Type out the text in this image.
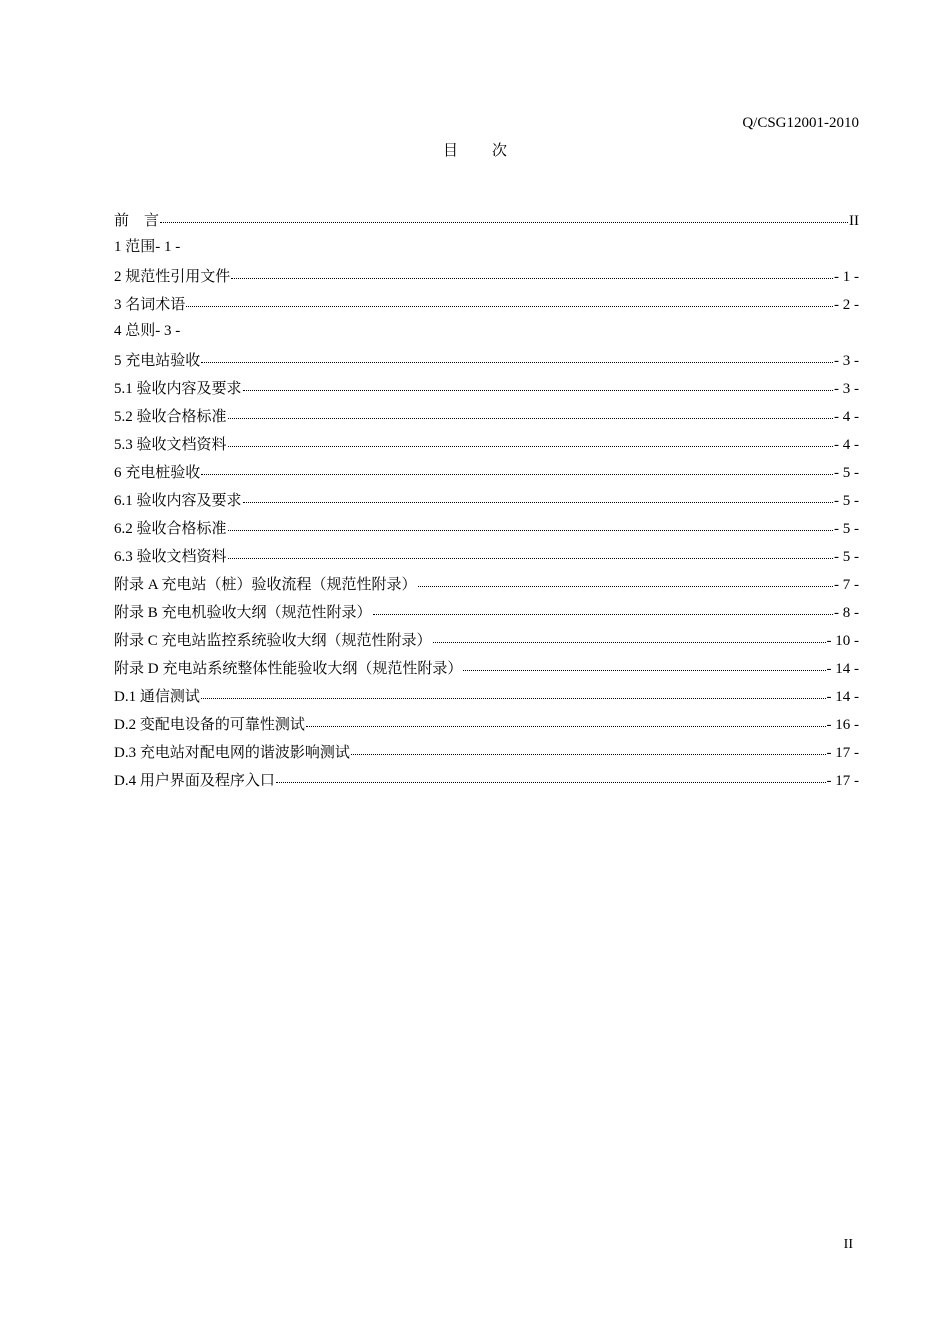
Q/CSG12001-2010
目次
前　言	II
1 范围 - 1 -
2 规范性引用文件	- 1 -
3 名词术语	- 2 -
4 总则 - 3 -
5 充电站验收	- 3 -
5.1 验收内容及要求	- 3 -
5.2 验收合格标准	- 4 -
5.3 验收文档资料	- 4 -
6 充电桩验收	- 5 -
6.1 验收内容及要求	- 5 -
6.2 验收合格标准	- 5 -
6.3 验收文档资料	- 5 -
附录 A 充电站（桩）验收流程（规范性附录）	- 7 -
附录 B 充电机验收大纲（规范性附录）	- 8 -
附录 C 充电站监控系统验收大纲（规范性附录）	- 10 -
附录 D 充电站系统整体性能验收大纲（规范性附录）	- 14 -
D.1 通信测试	- 14 -
D.2 变配电设备的可靠性测试	- 16 -
D.3 充电站对配电网的谐波影响测试	- 17 -
D.4 用户界面及程序入口	- 17 -
II
